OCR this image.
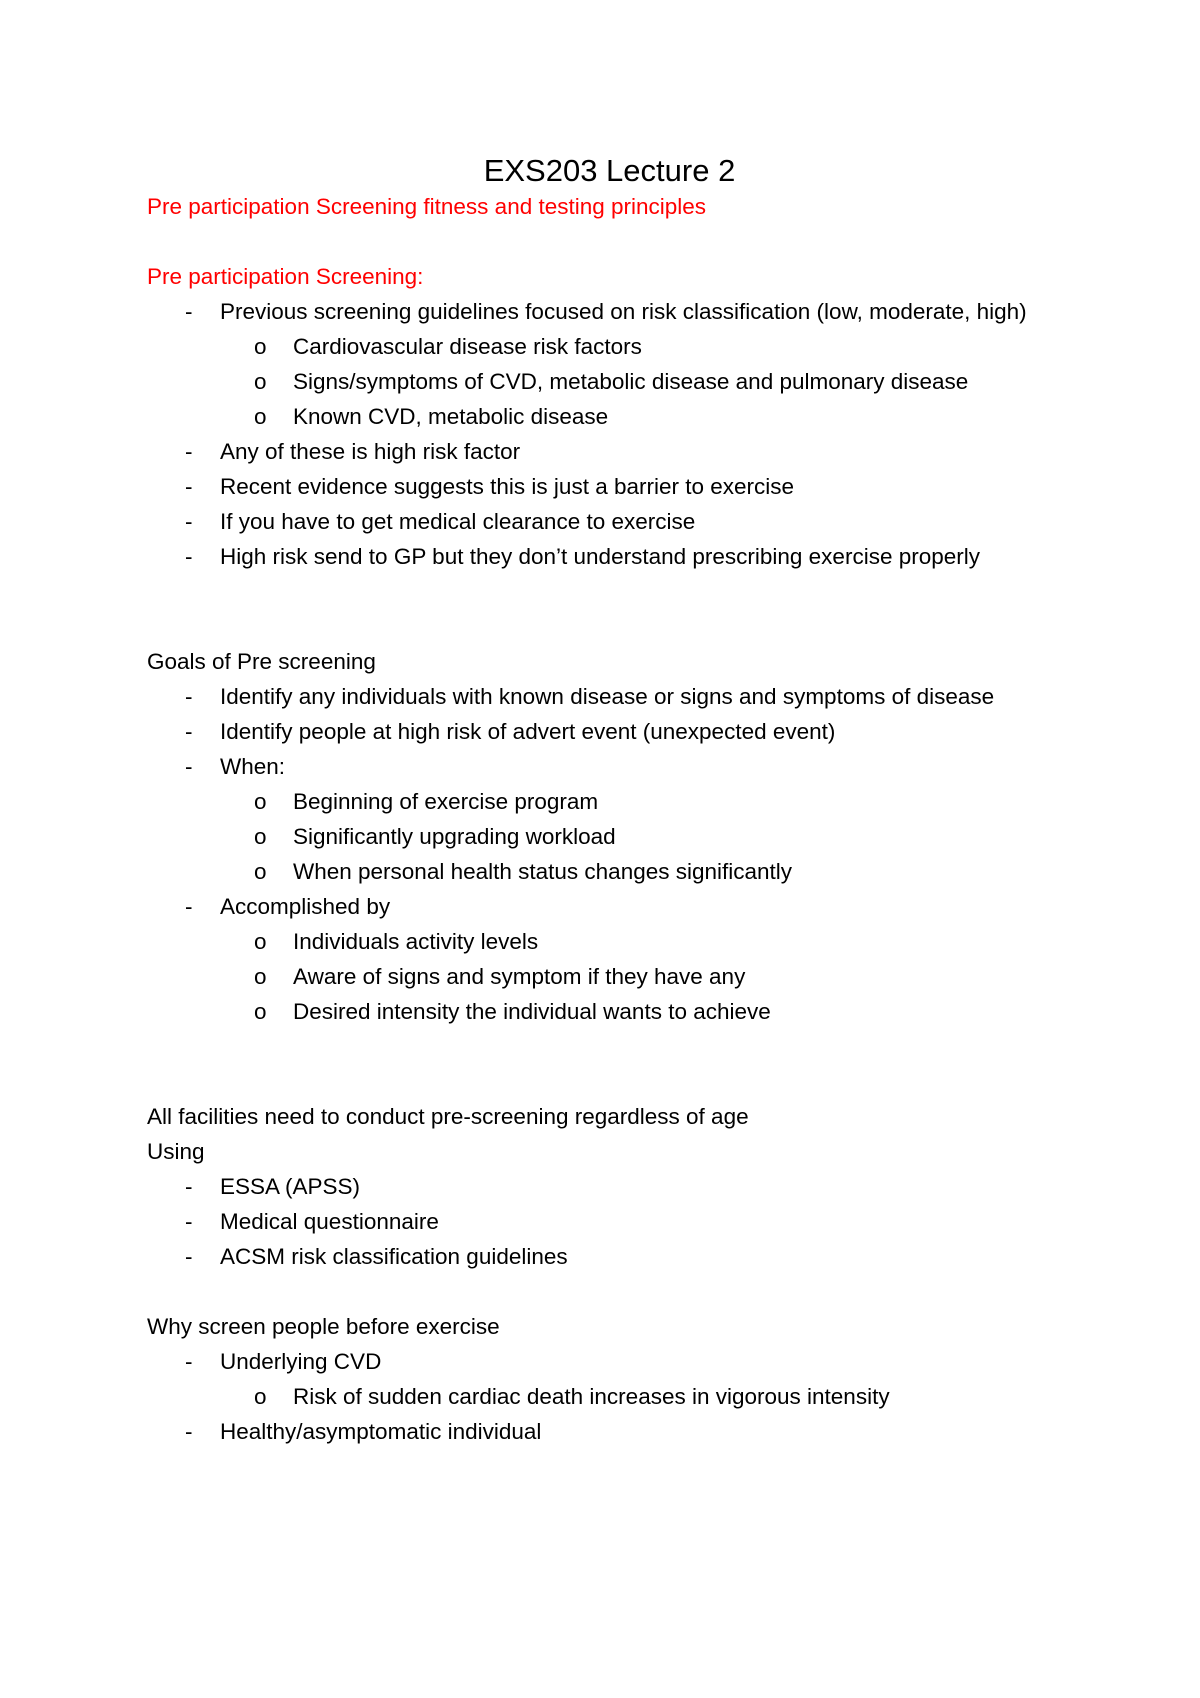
EXS203 Lecture 2
Pre participation Screening fitness and testing principles
Pre participation Screening:
- Previous screening guidelines focused on risk classification (low, moderate, high)
o Cardiovascular disease risk factors
o Signs/symptoms of CVD, metabolic disease and pulmonary disease
o Known CVD, metabolic disease
- Any of these is high risk factor
- Recent evidence suggests this is just a barrier to exercise
- If you have to get medical clearance to exercise
- High risk send to GP but they don’t understand prescribing exercise properly
Goals of Pre screening
- Identify any individuals with known disease or signs and symptoms of disease
- Identify people at high risk of advert event (unexpected event)
- When:
o Beginning of exercise program
o Significantly upgrading workload
o When personal health status changes significantly
- Accomplished by
o Individuals activity levels
o Aware of signs and symptom if they have any
o Desired intensity the individual wants to achieve
All facilities need to conduct pre-screening regardless of age
Using
- ESSA (APSS)
- Medical questionnaire
- ACSM risk classification guidelines
Why screen people before exercise
- Underlying CVD
o Risk of sudden cardiac death increases in vigorous intensity
- Healthy/asymptomatic individual
